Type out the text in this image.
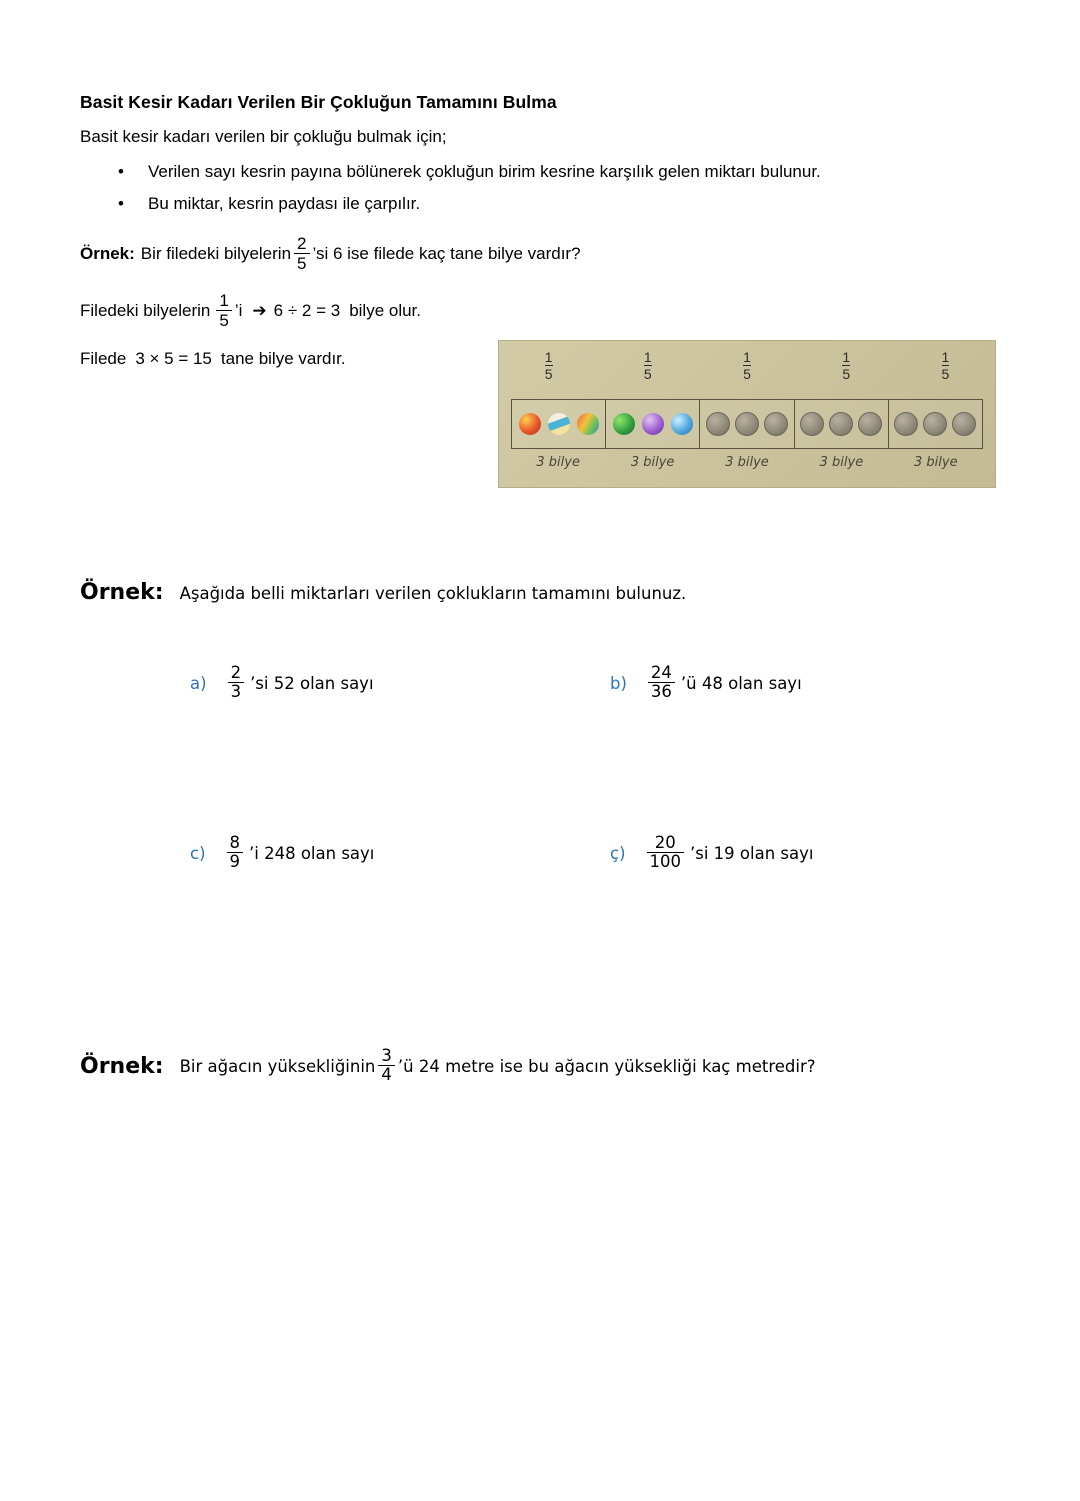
Basit Kesir Kadarı Verilen Bir Çokluğun Tamamını Bulma

Basit kesir kadarı verilen bir çokluğu bulmak için;

• Verilen sayı kesrin payına bölünerek çokluğun birim kesrine karşılık gelen miktarı bulunur.
• Bu miktar, kesrin paydası ile çarpılır.
Örnek: Bir filedeki bilyelerin $\frac{2}{5}$ ’si 6 ise filede kaç tane bilye vardır?
Filedeki bilyelerin $\frac{1}{5}$ ’i ➔ 6 ÷ 2 = 3 bilye olur.
Filede 3 × 5 = 15 tane bilye vardır.	$\frac{1}{5}$	$\frac{1}{5}$	$\frac{1}{5}$	$\frac{1}{5}$	$\frac{1}{5}$
3 bilye	3 bilye	3 bilye	3 bilye	3 bilye
Örnek: Aşağıda belli miktarları verilen çoklukların tamamını bulunuz.
$a) \frac{2}{3}$ ’si 52 olan sayı	$b) \frac{24}{36}$ ’ü 48 olan sayı
$c) \frac{8}{9}$ ’i 248 olan sayı	ç) $\frac{20}{100}$ ’si 19 olan sayı
Örnek: Bir ağacın yüksekliğinin $\frac{3}{4}$ ’ü 24 metre ise bu ağacın yüksekliği kaç metredir?
